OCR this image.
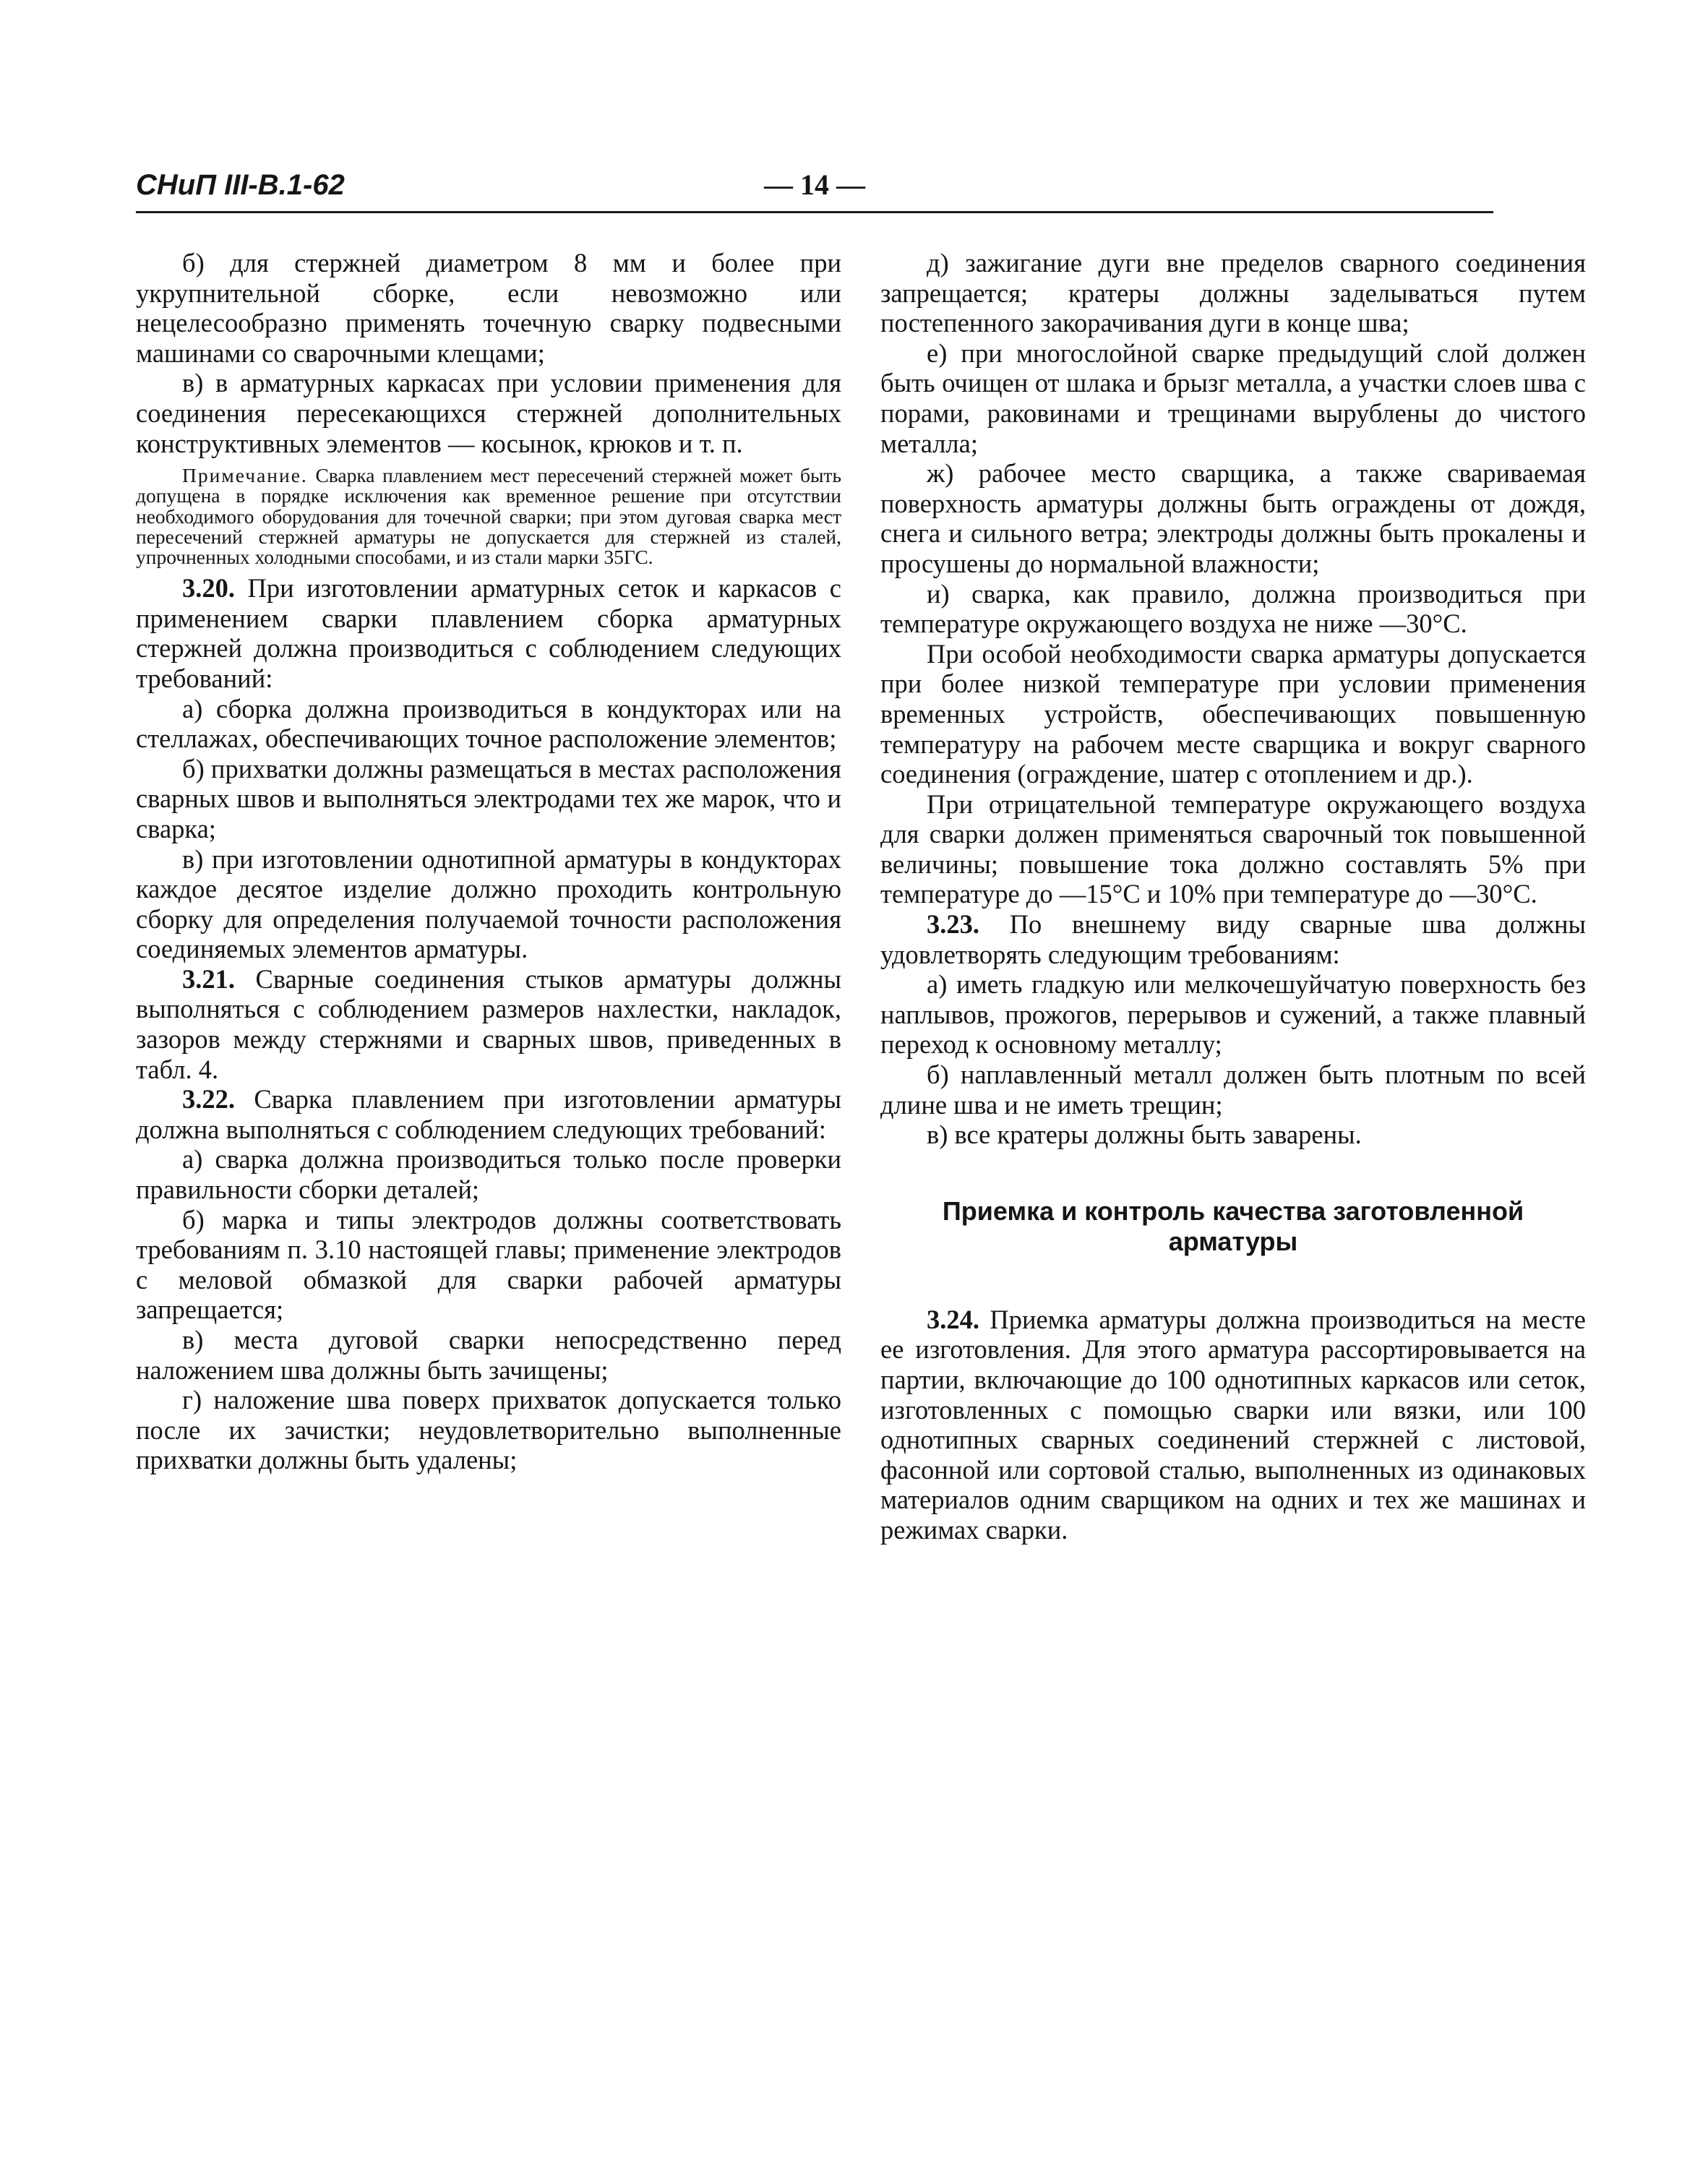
СНиП III-В.1-62	— 14 —

б) для стержней диаметром 8 мм и более при укрупнительной сборке, если невозможно или нецелесообразно применять точечную сварку подвесными машинами со сварочными клещами;

в) в арматурных каркасах при условии применения для соединения пересекающихся стержней дополнительных конструктивных элементов — косынок, крюков и т. п.

Примечание. Сварка плавлением мест пересечений стержней может быть допущена в порядке исключения как временное решение при отсутствии необходимого оборудования для точечной сварки; при этом дуговая сварка мест пересечений стержней арматуры не допускается для стержней из сталей, упрочненных холодными способами, и из стали марки 35ГС.

3.20. При изготовлении арматурных сеток и каркасов с применением сварки плавлением сборка арматурных стержней должна производиться с соблюдением следующих требований:

а) сборка должна производиться в кондукторах или на стеллажах, обеспечивающих точное расположение элементов;

б) прихватки должны размещаться в местах расположения сварных швов и выполняться электродами тех же марок, что и сварка;

в) при изготовлении однотипной арматуры в кондукторах каждое десятое изделие должно проходить контрольную сборку для определения получаемой точности расположения соединяемых элементов арматуры.

3.21. Сварные соединения стыков арматуры должны выполняться с соблюдением размеров нахлестки, накладок, зазоров между стержнями и сварных швов, приведенных в табл. 4.

3.22. Сварка плавлением при изготовлении арматуры должна выполняться с соблюдением следующих требований:

а) сварка должна производиться только после проверки правильности сборки деталей;

б) марка и типы электродов должны соответствовать требованиям п. 3.10 настоящей главы; применение электродов с меловой обмазкой для сварки рабочей арматуры запрещается;

в) места дуговой сварки непосредственно перед наложением шва должны быть зачищены;

г) наложение шва поверх прихваток допускается только после их зачистки; неудовлетворительно выполненные прихватки должны быть удалены;

д) зажигание дуги вне пределов сварного соединения запрещается; кратеры должны заделываться путем постепенного закорачивания дуги в конце шва;

е) при многослойной сварке предыдущий слой должен быть очищен от шлака и брызг металла, а участки слоев шва с порами, раковинами и трещинами вырублены до чистого металла;

ж) рабочее место сварщика, а также свариваемая поверхность арматуры должны быть ограждены от дождя, снега и сильного ветра; электроды должны быть прокалены и просушены до нормальной влажности;

и) сварка, как правило, должна производиться при температуре окружающего воздуха не ниже —30°С.

При особой необходимости сварка арматуры допускается при более низкой температуре при условии применения временных устройств, обеспечивающих повышенную температуру на рабочем месте сварщика и вокруг сварного соединения (ограждение, шатер с отоплением и др.).

При отрицательной температуре окружающего воздуха для сварки должен применяться сварочный ток повышенной величины; повышение тока должно составлять 5% при температуре до —15°С и 10% при температуре до —30°С.

3.23. По внешнему виду сварные шва должны удовлетворять следующим требованиям:

а) иметь гладкую или мелкочешуйчатую поверхность без наплывов, прожогов, перерывов и сужений, а также плавный переход к основному металлу;

б) наплавленный металл должен быть плотным по всей длине шва и не иметь трещин;

в) все кратеры должны быть заварены.

Приемка и контроль качества заготовленной арматуры

3.24. Приемка арматуры должна производиться на месте ее изготовления. Для этого арматура рассортировывается на партии, включающие до 100 однотипных каркасов или сеток, изготовленных с помощью сварки или вязки, или 100 однотипных сварных соединений стержней с листовой, фасонной или сортовой сталью, выполненных из одинаковых материалов одним сварщиком на одних и тех же машинах и режимах сварки.
